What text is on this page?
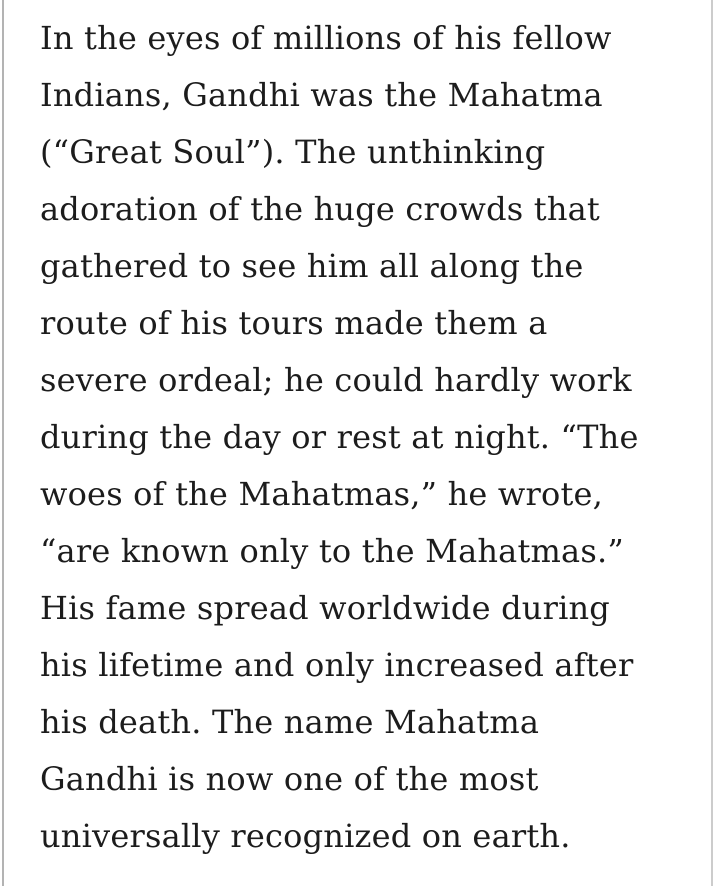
In the eyes of millions of his fellow
Indians, Gandhi was the Mahatma
(“Great Soul”). The unthinking
adoration of the huge crowds that
gathered to see him all along the
route of his tours made them a
severe ordeal; he could hardly work
during the day or rest at night. “The
woes of the Mahatmas,” he wrote,
“are known only to the Mahatmas.”
His fame spread worldwide during
his lifetime and only increased after
his death. The name Mahatma
Gandhi is now one of the most
universally recognized on earth.
